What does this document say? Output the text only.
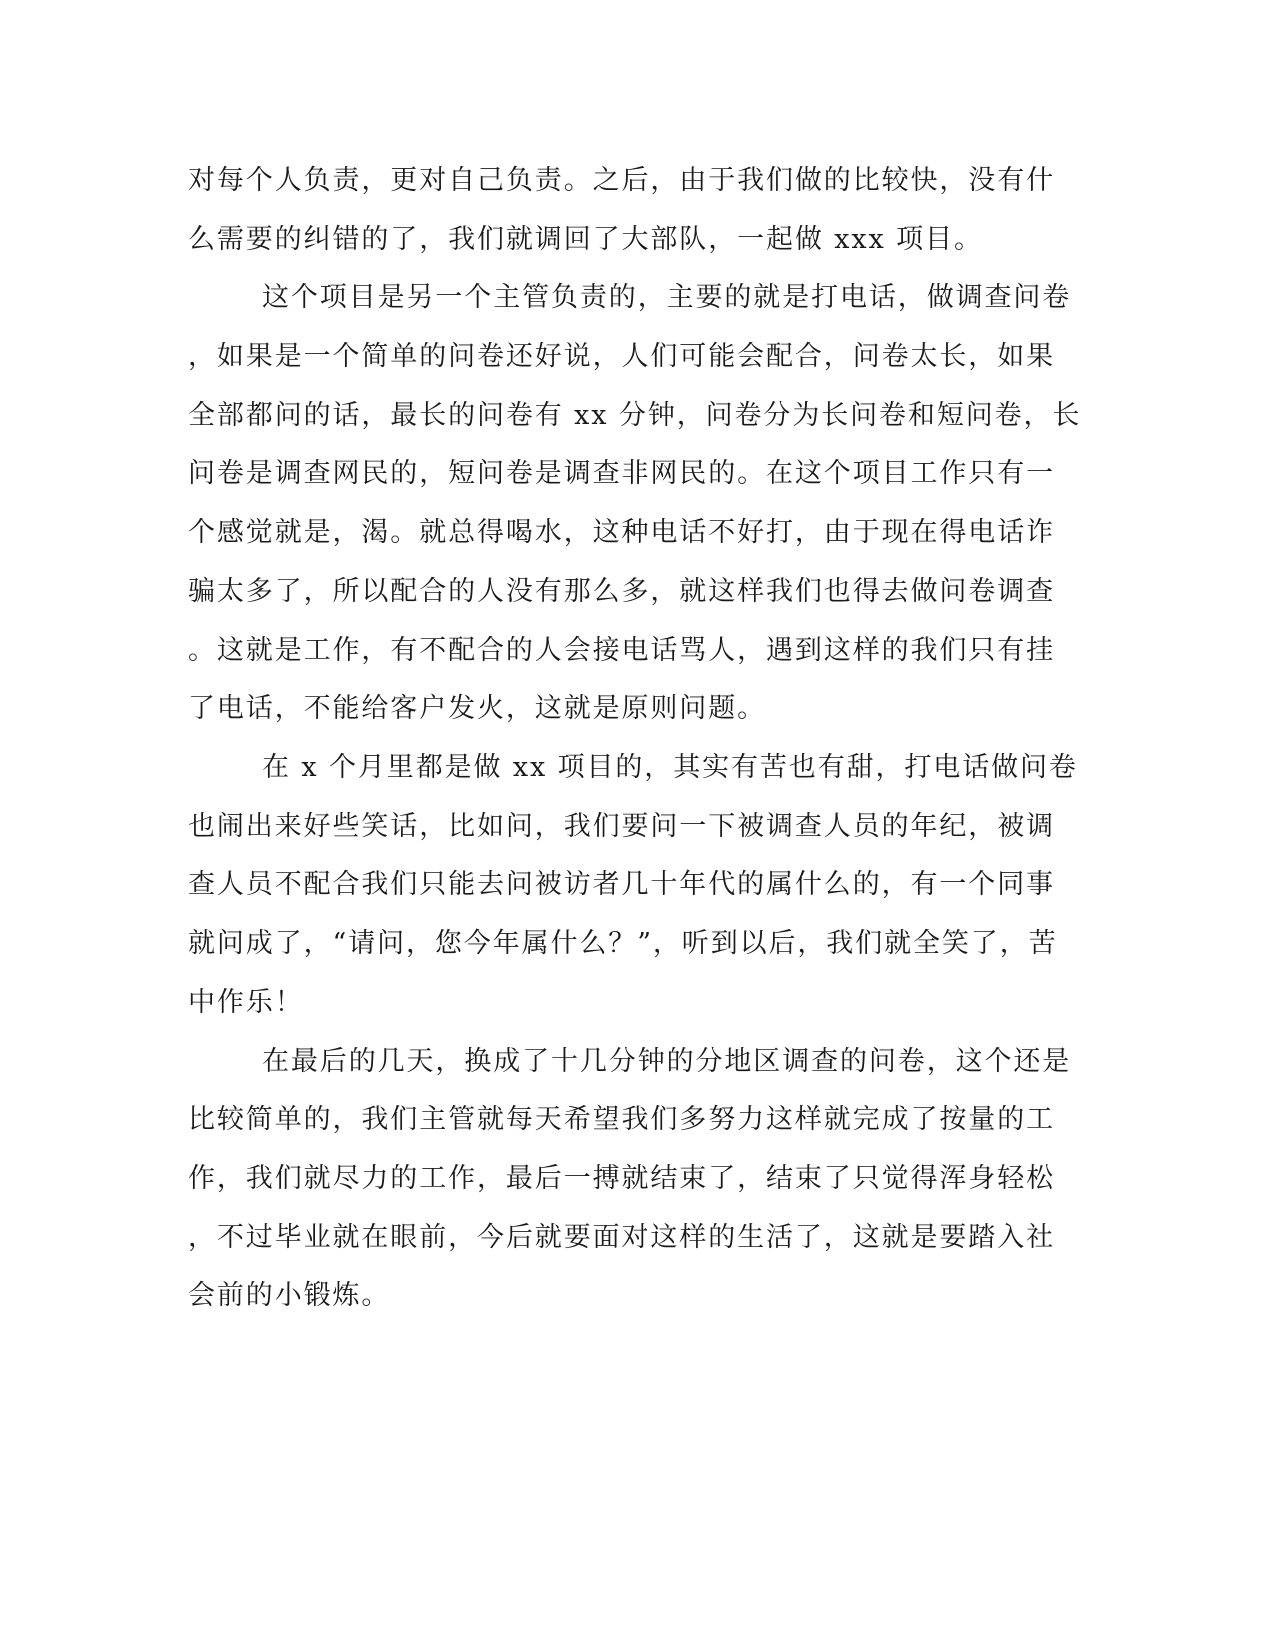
对每个人负责，更对自己负责。之后，由于我们做的比较快，没有什
么需要的纠错的了，我们就调回了大部队，一起做 xxx 项目。
这个项目是另一个主管负责的，主要的就是打电话，做调查问卷
，如果是一个简单的问卷还好说，人们可能会配合，问卷太长，如果
全部都问的话，最长的问卷有 xx 分钟，问卷分为长问卷和短问卷，长
问卷是调查网民的，短问卷是调查非网民的。在这个项目工作只有一
个感觉就是，渴。就总得喝水，这种电话不好打，由于现在得电话诈
骗太多了，所以配合的人没有那么多，就这样我们也得去做问卷调查
。这就是工作，有不配合的人会接电话骂人，遇到这样的我们只有挂
了电话，不能给客户发火，这就是原则问题。
在 x 个月里都是做 xx 项目的，其实有苦也有甜，打电话做问卷
也闹出来好些笑话，比如问，我们要问一下被调查人员的年纪，被调
查人员不配合我们只能去问被访者几十年代的属什么的，有一个同事
就问成了，“请问，您今年属什么？”，听到以后，我们就全笑了，苦
中作乐！
在最后的几天，换成了十几分钟的分地区调查的问卷，这个还是
比较简单的，我们主管就每天希望我们多努力这样就完成了按量的工
作，我们就尽力的工作，最后一搏就结束了，结束了只觉得浑身轻松
，不过毕业就在眼前，今后就要面对这样的生活了，这就是要踏入社
会前的小锻炼。
